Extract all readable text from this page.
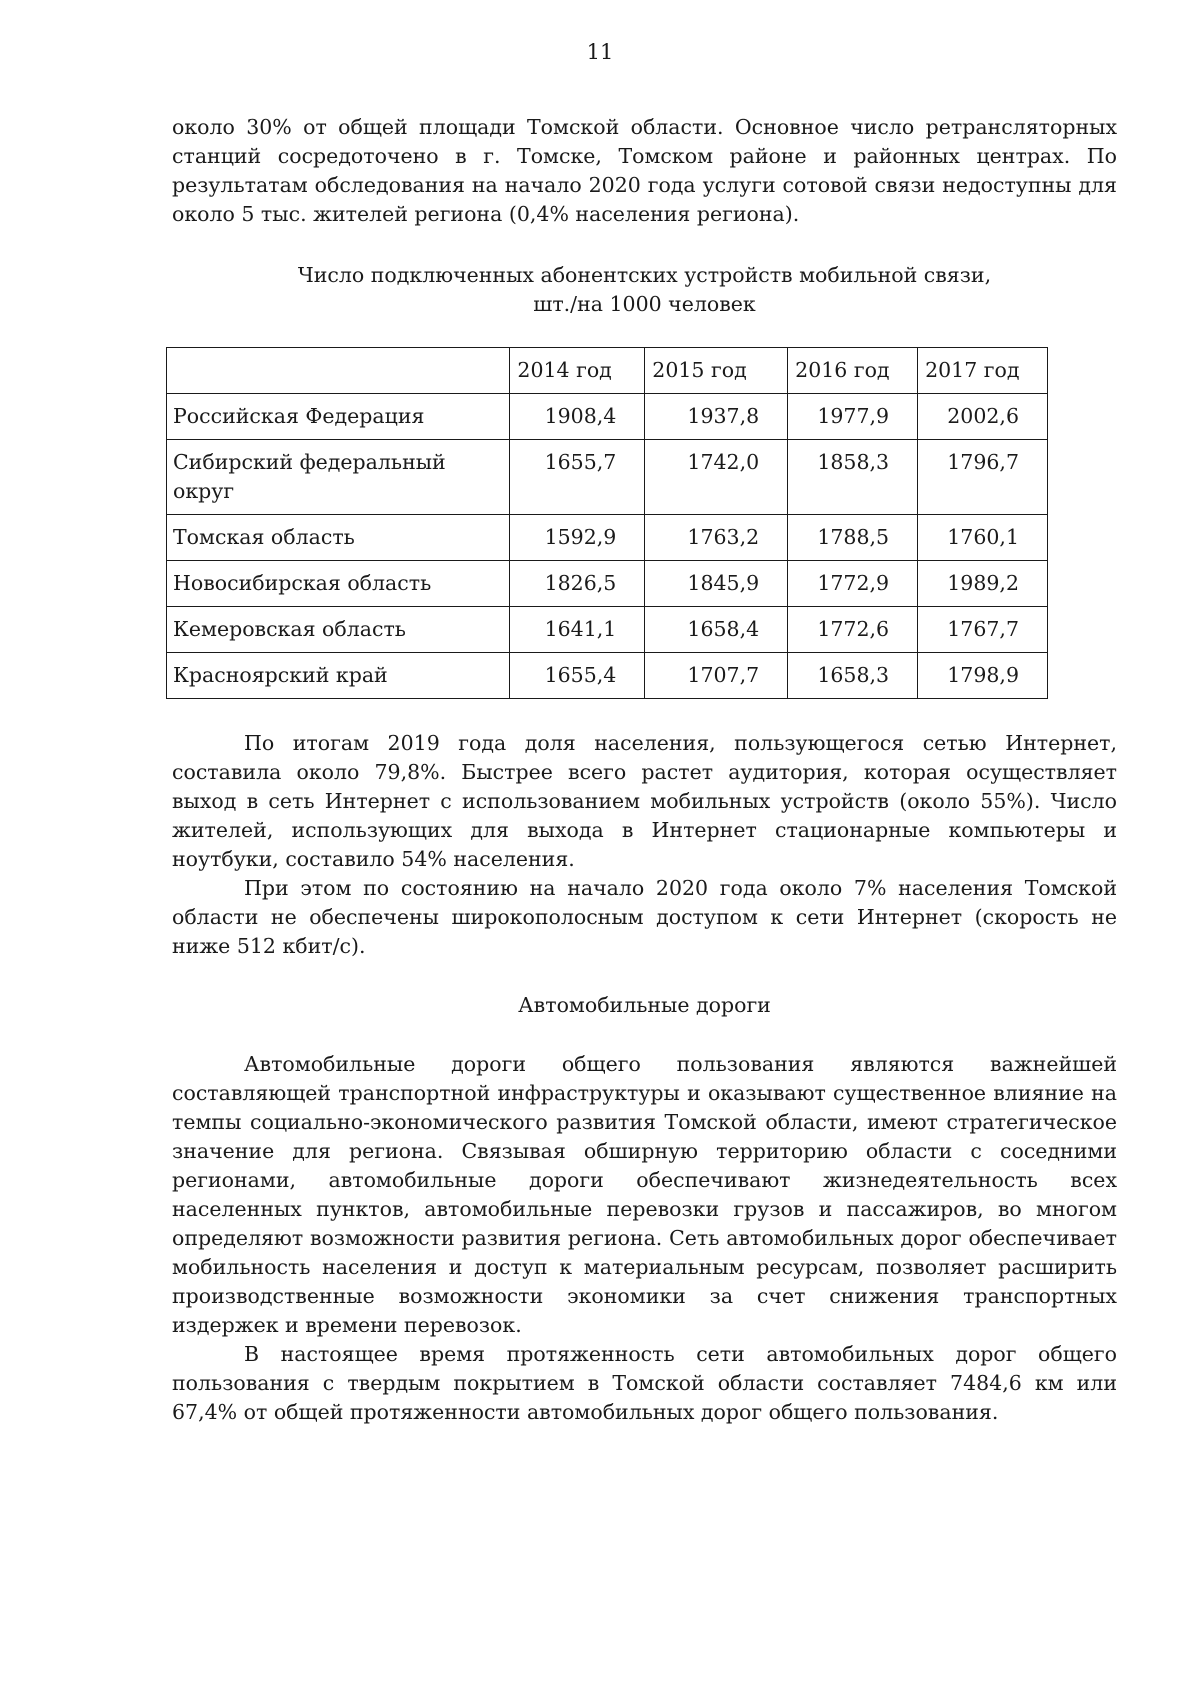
11

около 30% от общей площади Томской области. Основное число ретрансляторных станций сосредоточено в г. Томске, Томском районе и районных центрах. По результатам обследования на начало 2020 года услуги сотовой связи недоступны для около 5 тыс. жителей региона (0,4% населения региона).

Число подключенных абонентских устройств мобильной связи,
шт./на 1000 человек
	2014 год	2015 год	2016 год	2017 год
Российская Федерация	1908,4	1937,8	1977,9	2002,6
Сибирский федеральный округ	1655,7	1742,0	1858,3	1796,7
Томская область	1592,9	1763,2	1788,5	1760,1
Новосибирская область	1826,5	1845,9	1772,9	1989,2
Кемеровская область	1641,1	1658,4	1772,6	1767,7
Красноярский край	1655,4	1707,7	1658,3	1798,9

По итогам 2019 года доля населения, пользующегося сетью Интернет, составила около 79,8%. Быстрее всего растет аудитория, которая осуществляет выход в сеть Интернет с использованием мобильных устройств (около 55%). Число жителей, использующих для выхода в Интернет стационарные компьютеры и ноутбуки, составило 54% населения.

При этом по состоянию на начало 2020 года около 7% населения Томской области не обеспечены широкополосным доступом к сети Интернет (скорость не ниже 512 кбит/с).

Автомобильные дороги

Автомобильные дороги общего пользования являются важнейшей составляющей транспортной инфраструктуры и оказывают существенное влияние на темпы социально-экономического развития Томской области, имеют стратегическое значение для региона. Связывая обширную территорию области с соседними регионами, автомобильные дороги обеспечивают жизнедеятельность всех населенных пунктов, автомобильные перевозки грузов и пассажиров, во многом определяют возможности развития региона. Сеть автомобильных дорог обеспечивает мобильность населения и доступ к материальным ресурсам, позволяет расширить производственные возможности экономики за счет снижения транспортных издержек и времени перевозок.

В настоящее время протяженность сети автомобильных дорог общего пользования с твердым покрытием в Томской области составляет 7484,6 км или 67,4% от общей протяженности автомобильных дорог общего пользования.
